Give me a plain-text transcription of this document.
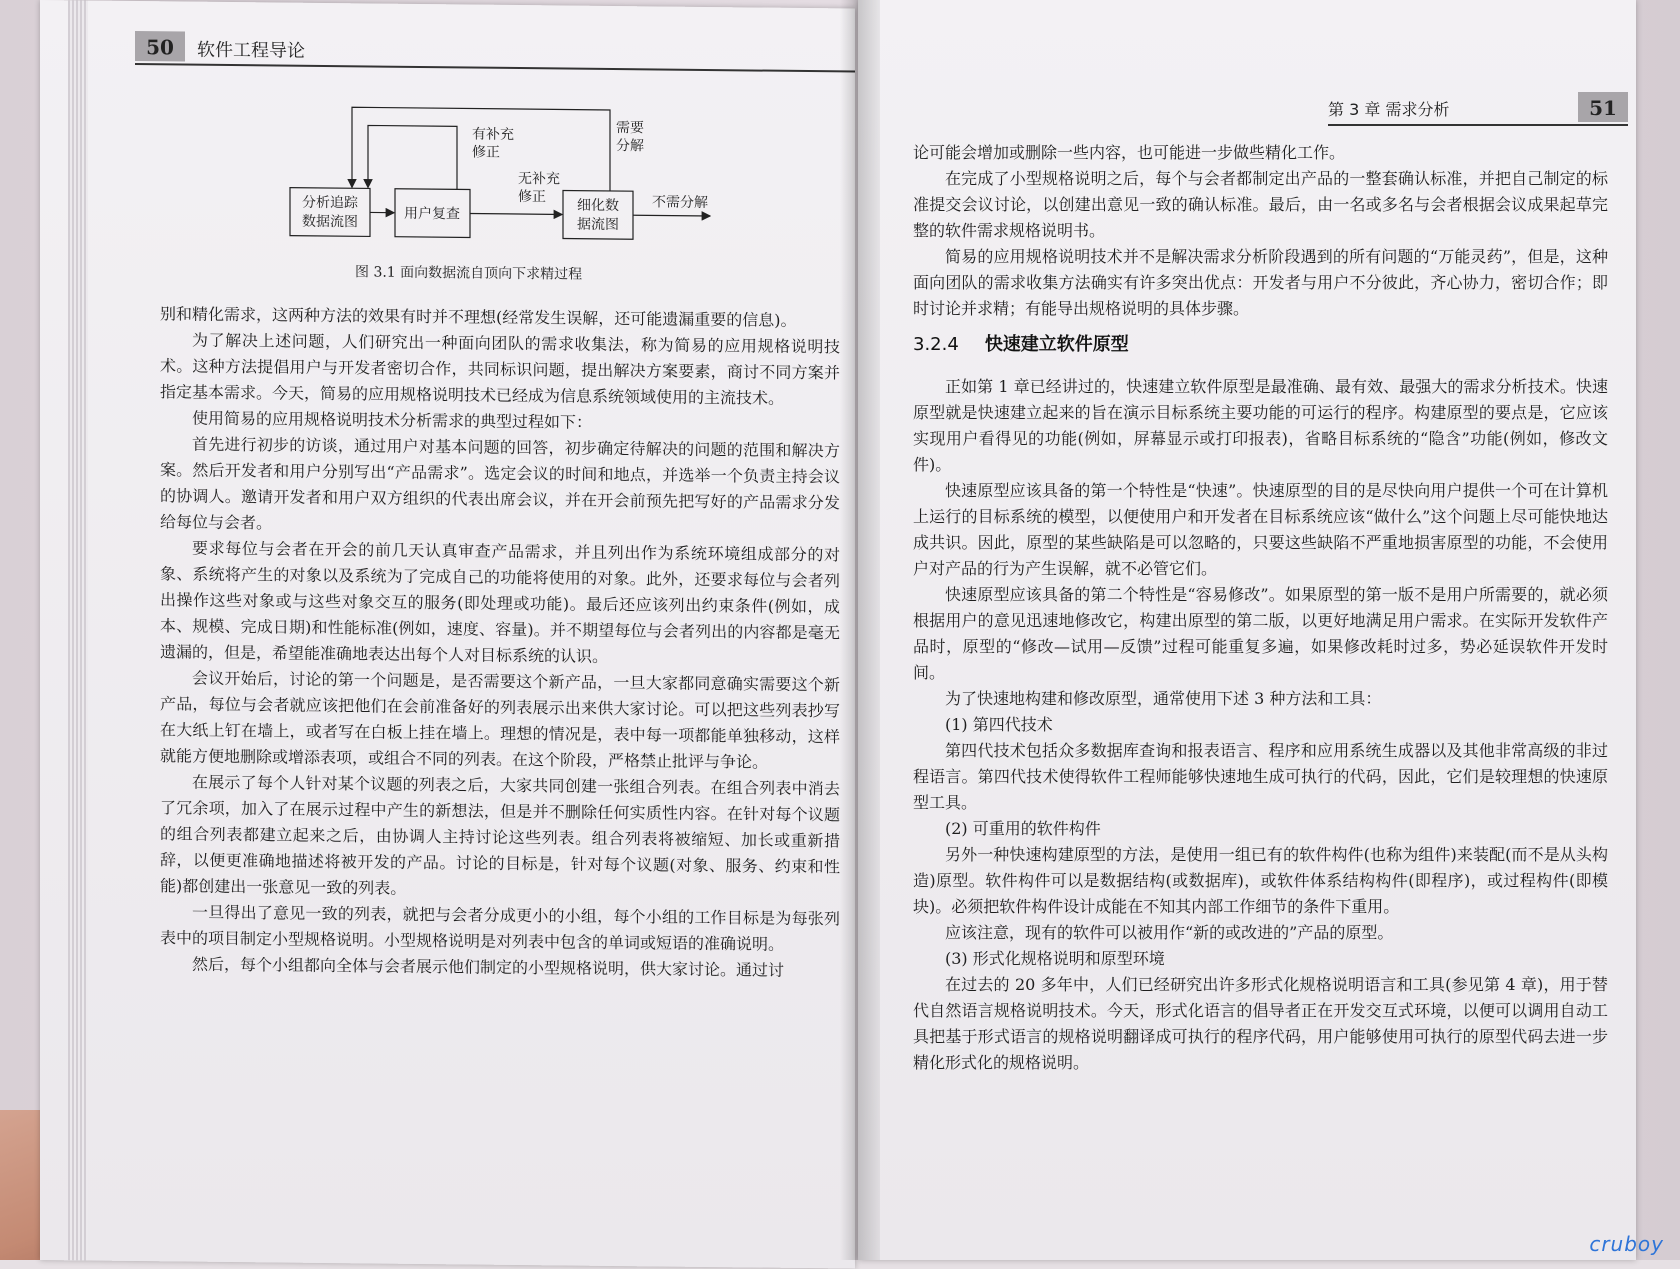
50	软件工程导论
分析追踪
数据流图	用户复查	细化数
据流图
有补充
修正
无补充
修正
需要
分解
不需分解
图 3.1 面向数据流自顶向下求精过程

别和精化需求，这两种方法的效果有时并不理想(经常发生误解，还可能遗漏重要的信息)。

为了解决上述问题，人们研究出一种面向团队的需求收集法，称为简易的应用规格说明技术。这种方法提倡用户与开发者密切合作，共同标识问题，提出解决方案要素，商讨不同方案并指定基本需求。今天，简易的应用规格说明技术已经成为信息系统领域使用的主流技术。

使用简易的应用规格说明技术分析需求的典型过程如下：

首先进行初步的访谈，通过用户对基本问题的回答，初步确定待解决的问题的范围和解决方案。然后开发者和用户分别写出“产品需求”。选定会议的时间和地点，并选举一个负责主持会议的协调人。邀请开发者和用户双方组织的代表出席会议，并在开会前预先把写好的产品需求分发给每位与会者。

要求每位与会者在开会的前几天认真审查产品需求，并且列出作为系统环境组成部分的对象、系统将产生的对象以及系统为了完成自己的功能将使用的对象。此外，还要求每位与会者列出操作这些对象或与这些对象交互的服务(即处理或功能)。最后还应该列出约束条件(例如，成本、规模、完成日期)和性能标准(例如，速度、容量)。并不期望每位与会者列出的内容都是毫无遗漏的，但是，希望能准确地表达出每个人对目标系统的认识。

会议开始后，讨论的第一个问题是，是否需要这个新产品，一旦大家都同意确实需要这个新产品，每位与会者就应该把他们在会前准备好的列表展示出来供大家讨论。可以把这些列表抄写在大纸上钉在墙上，或者写在白板上挂在墙上。理想的情况是，表中每一项都能单独移动，这样就能方便地删除或增添表项，或组合不同的列表。在这个阶段，严格禁止批评与争论。

在展示了每个人针对某个议题的列表之后，大家共同创建一张组合列表。在组合列表中消去了冗余项，加入了在展示过程中产生的新想法，但是并不删除任何实质性内容。在针对每个议题的组合列表都建立起来之后，由协调人主持讨论这些列表。组合列表将被缩短、加长或重新措辞，以便更准确地描述将被开发的产品。讨论的目标是，针对每个议题(对象、服务、约束和性能)都创建出一张意见一致的列表。

一旦得出了意见一致的列表，就把与会者分成更小的小组，每个小组的工作目标是为每张列表中的项目制定小型规格说明。小型规格说明是对列表中包含的单词或短语的准确说明。

然后，每个小组都向全体与会者展示他们制定的小型规格说明，供大家讨论。通过讨

第 3 章 需求分析	51

论可能会增加或删除一些内容，也可能进一步做些精化工作。

在完成了小型规格说明之后，每个与会者都制定出产品的一整套确认标准，并把自己制定的标准提交会议讨论，以创建出意见一致的确认标准。最后，由一名或多名与会者根据会议成果起草完整的软件需求规格说明书。

简易的应用规格说明技术并不是解决需求分析阶段遇到的所有问题的“万能灵药”，但是，这种面向团队的需求收集方法确实有许多突出优点：开发者与用户不分彼此，齐心协力，密切合作；即时讨论并求精；有能导出规格说明的具体步骤。

3.2.4 快速建立软件原型

正如第 1 章已经讲过的，快速建立软件原型是最准确、最有效、最强大的需求分析技术。快速原型就是快速建立起来的旨在演示目标系统主要功能的可运行的程序。构建原型的要点是，它应该实现用户看得见的功能(例如，屏幕显示或打印报表)，省略目标系统的“隐含”功能(例如，修改文件)。

快速原型应该具备的第一个特性是“快速”。快速原型的目的是尽快向用户提供一个可在计算机上运行的目标系统的模型，以便使用户和开发者在目标系统应该“做什么”这个问题上尽可能快地达成共识。因此，原型的某些缺陷是可以忽略的，只要这些缺陷不严重地损害原型的功能，不会使用户对产品的行为产生误解，就不必管它们。

快速原型应该具备的第二个特性是“容易修改”。如果原型的第一版不是用户所需要的，就必须根据用户的意见迅速地修改它，构建出原型的第二版，以更好地满足用户需求。在实际开发软件产品时，原型的“修改—试用—反馈”过程可能重复多遍，如果修改耗时过多，势必延误软件开发时间。

为了快速地构建和修改原型，通常使用下述 3 种方法和工具：

(1) 第四代技术

第四代技术包括众多数据库查询和报表语言、程序和应用系统生成器以及其他非常高级的非过程语言。第四代技术使得软件工程师能够快速地生成可执行的代码，因此，它们是较理想的快速原型工具。

(2) 可重用的软件构件

另外一种快速构建原型的方法，是使用一组已有的软件构件(也称为组件)来装配(而不是从头构造)原型。软件构件可以是数据结构(或数据库)，或软件体系结构构件(即程序)，或过程构件(即模块)。必须把软件构件设计成能在不知其内部工作细节的条件下重用。

应该注意，现有的软件可以被用作“新的或改进的”产品的原型。

(3) 形式化规格说明和原型环境

在过去的 20 多年中，人们已经研究出许多形式化规格说明语言和工具(参见第 4 章)，用于替代自然语言规格说明技术。今天，形式化语言的倡导者正在开发交互式环境，以便可以调用自动工具把基于形式语言的规格说明翻译成可执行的程序代码，用户能够使用可执行的原型代码去进一步精化形式化的规格说明。

cruboy
